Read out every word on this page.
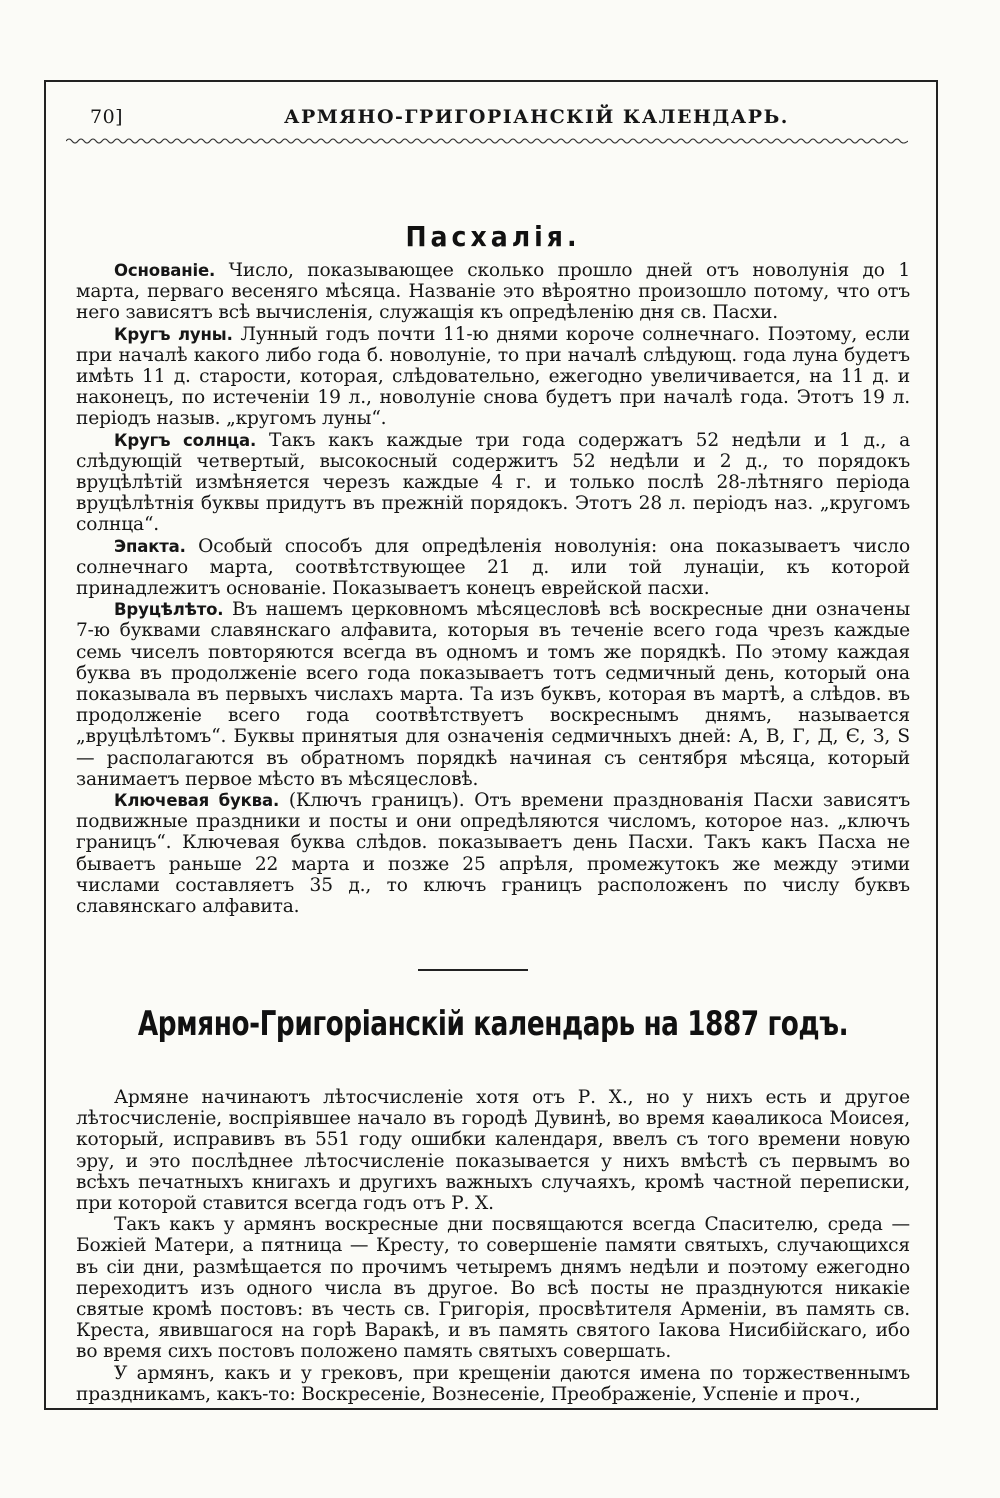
70]	АРМЯНО-ГРИГОРІАНСКІЙ КАЛЕНДАРЬ.
Пасхалія.

Основаніе. Число, показывающее сколько прошло дней отъ новолунія до 1 марта, перваго весеняго мѣсяца. Названіе это вѣроятно произошло потому, что отъ него зависятъ всѣ вычисленія, служащія къ опредѣленію дня св. Пасхи.

Кругъ луны. Лунный годъ почти 11-ю днями короче солнечнаго. Поэтому, если при началѣ какого либо года б. новолуніе, то при началѣ слѣдующ. года луна будетъ имѣть 11 д. старости, которая, слѣдовательно, ежегодно увеличивается, на 11 д. и наконецъ, по истеченіи 19 л., новолуніе снова будетъ при началѣ года. Этотъ 19 л. періодъ назыв. „кругомъ луны“.

Кругъ солнца. Такъ какъ каждые три года содержатъ 52 недѣли и 1 д., а слѣдующій четвертый, высокосный содержитъ 52 недѣли и 2 д., то порядокъ вруцѣлѣтій измѣняется черезъ каждые 4 г. и только послѣ 28-лѣтняго періода вруцѣлѣтнія буквы придутъ въ прежній порядокъ. Этотъ 28 л. періодъ наз. „кругомъ солнца“.

Эпакта. Особый способъ для опредѣленія новолунія: она показываетъ число солнечнаго марта, соотвѣтствующее 21 д. или той лунаціи, къ которой принадлежитъ основаніе. Показываетъ конецъ еврейской пасхи.

Вруцѣлѣто. Въ нашемъ церковномъ мѣсяцесловѣ всѣ воскресные дни означены 7-ю буквами славянскаго алфавита, которыя въ теченіе всего года чрезъ каждые семь чиселъ повторяются всегда въ одномъ и томъ же порядкѣ. По этому каждая буква въ продолженіе всего года показываетъ тотъ седмичный день, который она показывала въ первыхъ числахъ марта. Та изъ буквъ, которая въ мартѣ, а слѣдов. въ продолженіе всего года соотвѣтствуетъ воскреснымъ днямъ, называется „вруцѣлѣтомъ“. Буквы принятыя для означенія седмичныхъ дней: А, В, Г, Д, Є, З, Ѕ — располагаются въ обратномъ порядкѣ начиная съ сентября мѣсяца, который занимаетъ первое мѣсто въ мѣсяцесловѣ.

Ключевая буква. (Ключъ границъ). Отъ времени празднованія Пасхи зависятъ подвижные праздники и посты и они опредѣляются числомъ, которое наз. „ключъ границъ“. Ключевая буква слѣдов. показываетъ день Пасхи. Такъ какъ Пасха не бываетъ раньше 22 марта и позже 25 апрѣля, промежутокъ же между этими числами составляетъ 35 д., то ключъ границъ расположенъ по числу буквъ славянскаго алфавита.

Армяно-Григоріанскій календарь на 1887 годъ.

Армяне начинаютъ лѣтосчисленіе хотя отъ Р. Х., но у нихъ есть и другое лѣтосчисленіе, воспріявшее начало въ городѣ Дувинѣ, во время каѳаликоса Моисея, который, исправивъ въ 551 году ошибки календаря, ввелъ съ того времени новую эру, и это послѣднее лѣтосчисленіе показывается у нихъ вмѣстѣ съ первымъ во всѣхъ печатныхъ книгахъ и другихъ важныхъ случаяхъ, кромѣ частной переписки, при которой ставится всегда годъ отъ Р. Х.

Такъ какъ у армянъ воскресные дни посвящаются всегда Спасителю, среда — Божіей Матери, а пятница — Кресту, то совершеніе памяти святыхъ, случающихся въ сіи дни, размѣщается по прочимъ четыремъ днямъ недѣли и поэтому ежегодно переходитъ изъ одного числа въ другое. Во всѣ посты не празднуются никакіе святые кромѣ постовъ: въ честь св. Григорія, просвѣтителя Арменіи, въ память св. Креста, явившагося на горѣ Варакѣ, и въ память святого Іакова Нисибійскаго, ибо во время сихъ постовъ положено память святыхъ совершать.

У армянъ, какъ и у грековъ, при крещеніи даются имена по торжественнымъ праздникамъ, какъ-то: Воскресеніе, Вознесеніе, Преображеніе, Успеніе и проч.,
